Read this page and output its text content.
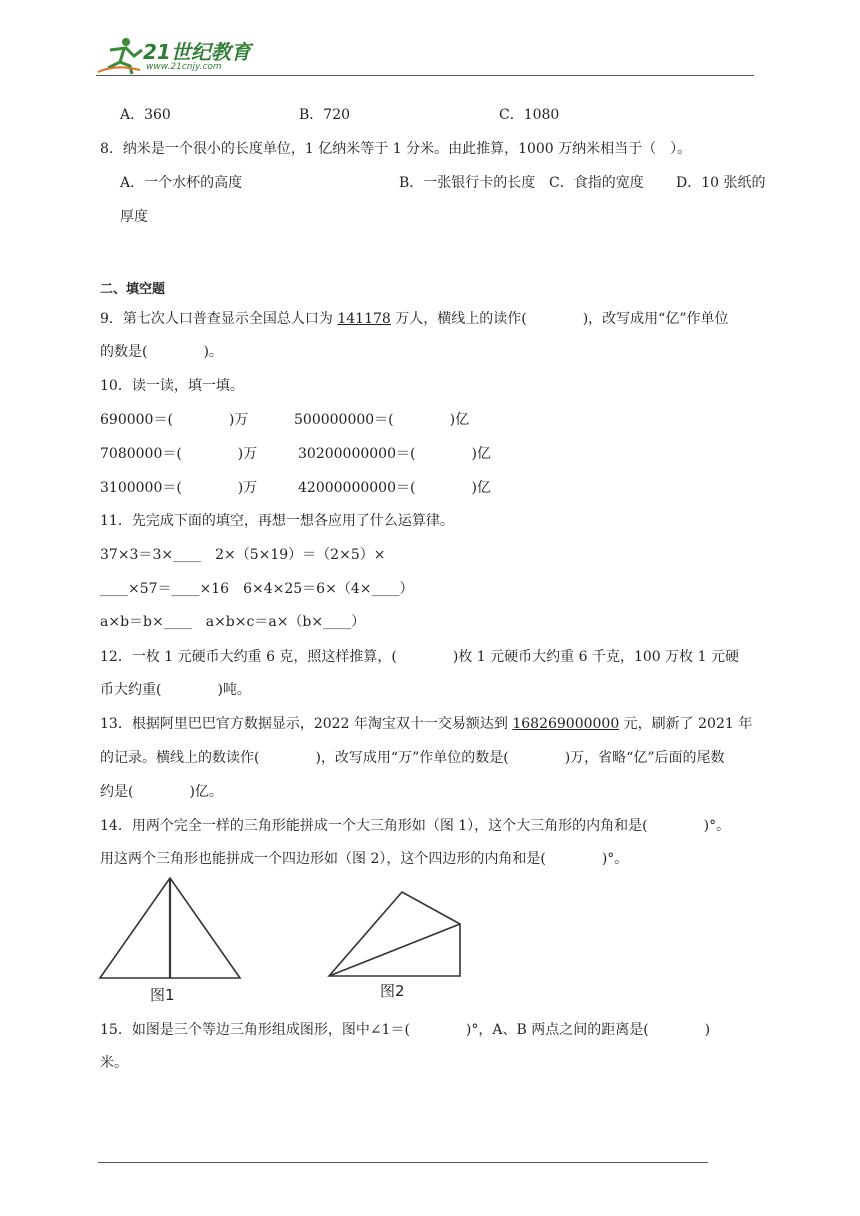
21世纪教育
www.21cnjy.com
A．360	B．720	C．1080
8．纳米是一个很小的长度单位，1 亿纳米等于 1 分米。由此推算，1000 万纳米相当于（　）。
A．一个水杯的高度	B．一张银行卡的长度 C．食指的宽度 D．10 张纸的
厚度
二、填空题
9．第七次人口普查显示全国总人口为 141178 万人，横线上的读作(　　　　)，改写成用“亿”作单位
的数是(　　　　)。
10．读一读，填一填。
690000＝(　　　　)万	500000000＝(　　　　)亿
7080000＝(　　　　)万	30200000000＝(　　　　)亿
3100000＝(　　　　)万	42000000000＝(　　　　)亿
11．先完成下面的填空，再想一想各应用了什么运算律。
37×3＝3×____　2×（5×19）＝（2×5）×
____×57＝____×16　6×4×25＝6×（4×____）
a×b＝b×____　a×b×c＝a×（b×____）
12．一枚 1 元硬币大约重 6 克，照这样推算，(　　　　)枚 1 元硬币大约重 6 千克，100 万枚 1 元硬
币大约重(　　　　)吨。
13．根据阿里巴巴官方数据显示，2022 年淘宝双十一交易额达到 168269000000 元，刷新了 2021 年
的记录。横线上的数读作(　　　　)，改写成用“万”作单位的数是(　　　　)万，省略“亿”后面的尾数
约是(　　　　)亿。
14．用两个完全一样的三角形能拼成一个大三角形如（图 1），这个大三角形的内角和是(　　　　)°。
用这两个三角形也能拼成一个四边形如（图 2），这个四边形的内角和是(　　　　)°。
图1	图2
15．如图是三个等边三角形组成图形，图中∠1＝(　　　　)°，A、B 两点之间的距离是(　　　　)
米。
